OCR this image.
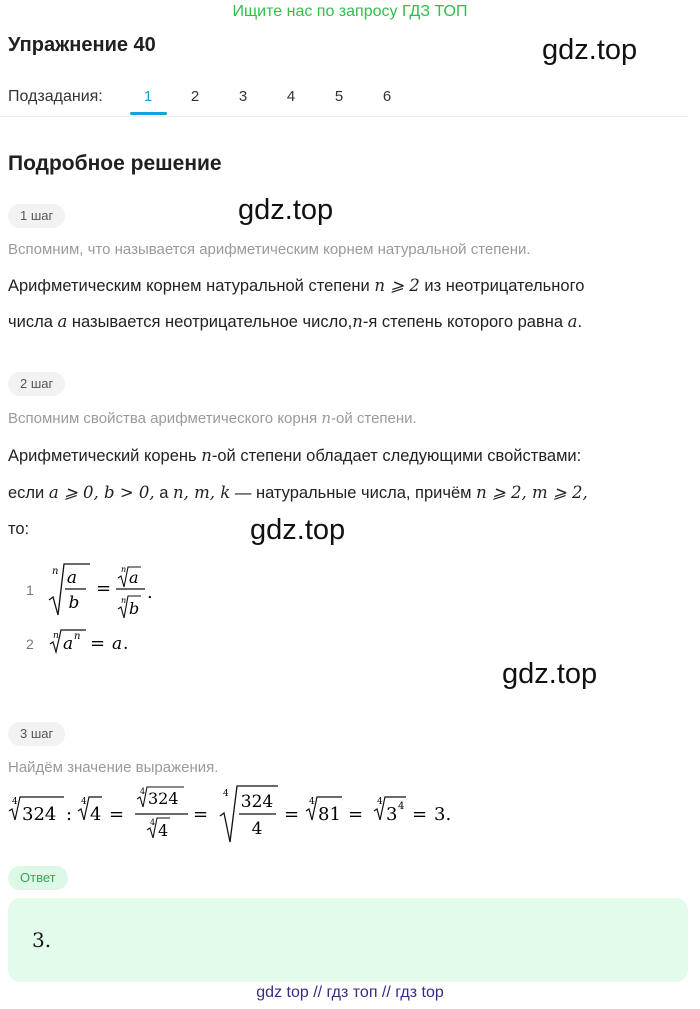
Ищите нас по запросу ГДЗ ТОП
Упражнение 40	gdz.top
Подзадания:	1	2	3	4	5	6
Подробное решение
1 шаг	gdz.top
Вспомним, что называется арифметическим корнем натуральной степени.
Арифметическим корнем натуральной степени n ⩾ 2 из неотрицательного
числа a называется неотрицательное число,n-я степень которого равна a.
2 шаг
Вспомним свойства арифметического корня n-ой степени.
Арифметический корень n-ой степени обладает следующими свойствами:
если a ⩾ 0, b > 0, а n, m, k — натуральные числа, причём n ⩾ 2, m ⩾ 2,
то:	gdz.top
1
n a
b
=
n a
n b
.
2 n a n = a .
gdz.top
3 шаг
Найдём значение выражения.
4
324 :
4
4 =
4 324
4 4
=
4 324
4
=
4
81 =
4
3 4 = 3.
Ответ
3.
gdz top // гдз топ // гдз top
